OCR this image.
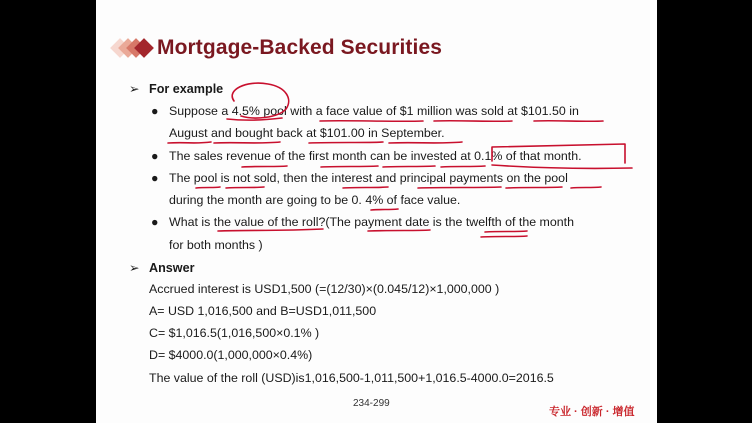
Mortgage-Backed Securities
➢ For example
● Suppose a 4.5% pool with a face value of $1 million was sold at $101.50 in
August and bought back at $101.00 in September.
● The sales revenue of the first month can be invested at 0.1% of that month.
● The pool is not sold, then the interest and principal payments on the pool
during the month are going to be 0. 4% of face value.
● What is the value of the roll?(The payment date is the twelfth of the month
for both months )
➢ Answer
Accrued interest is USD1,500 (=(12/30)×(0.045/12)×1,000,000 )
A= USD 1,016,500 and B=USD1,011,500
C= $1,016.5(1,016,500×0.1% )
D= $4000.0(1,000,000×0.4%)
The value of the roll (USD)is1,016,500-1,011,500+1,016.5-4000.0=2016.5
234-299
专业 · 创新 · 增值
